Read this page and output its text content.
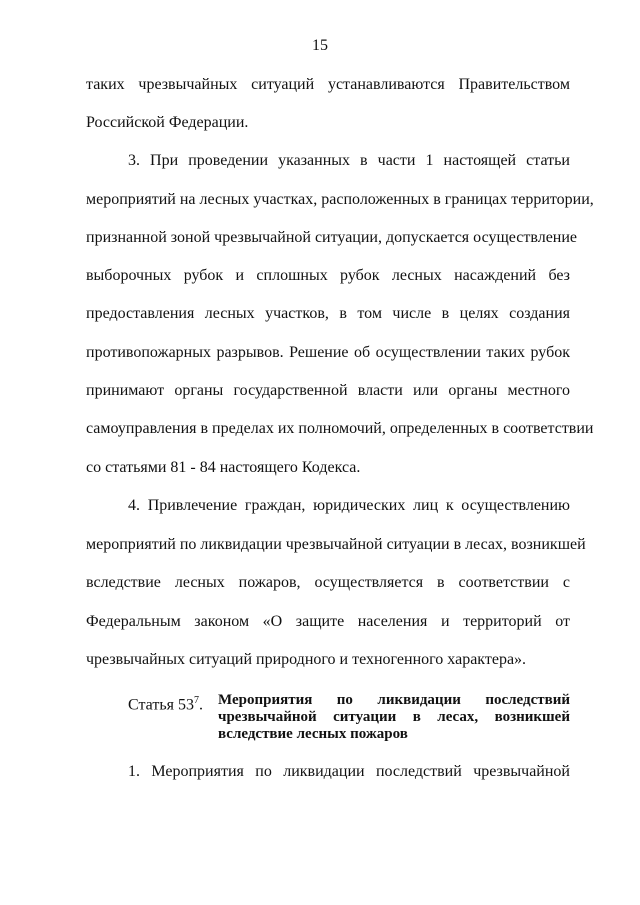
15
таких чрезвычайных ситуаций устанавливаются Правительством
Российской Федерации.
3. При проведении указанных в части 1 настоящей статьи
мероприятий на лесных участках, расположенных в границах территории,
признанной зоной чрезвычайной ситуации, допускается осуществление
выборочных рубок и сплошных рубок лесных насаждений без
предоставления лесных участков, в том числе в целях создания
противопожарных разрывов. Решение об осуществлении таких рубок
принимают органы государственной власти или органы местного
самоуправления в пределах их полномочий, определенных в соответствии
со статьями 81 - 84 настоящего Кодекса.
4. Привлечение граждан, юридических лиц к осуществлению
мероприятий по ликвидации чрезвычайной ситуации в лесах, возникшей
вследствие лесных пожаров, осуществляется в соответствии с
Федеральным законом «О защите населения и территорий от
чрезвычайных ситуаций природного и техногенного характера».
Статья $53^7$. Мероприятия по ликвидации последствий
чрезвычайной ситуации в лесах, возникшей
вследствие лесных пожаров
1. Мероприятия по ликвидации последствий чрезвычайной
